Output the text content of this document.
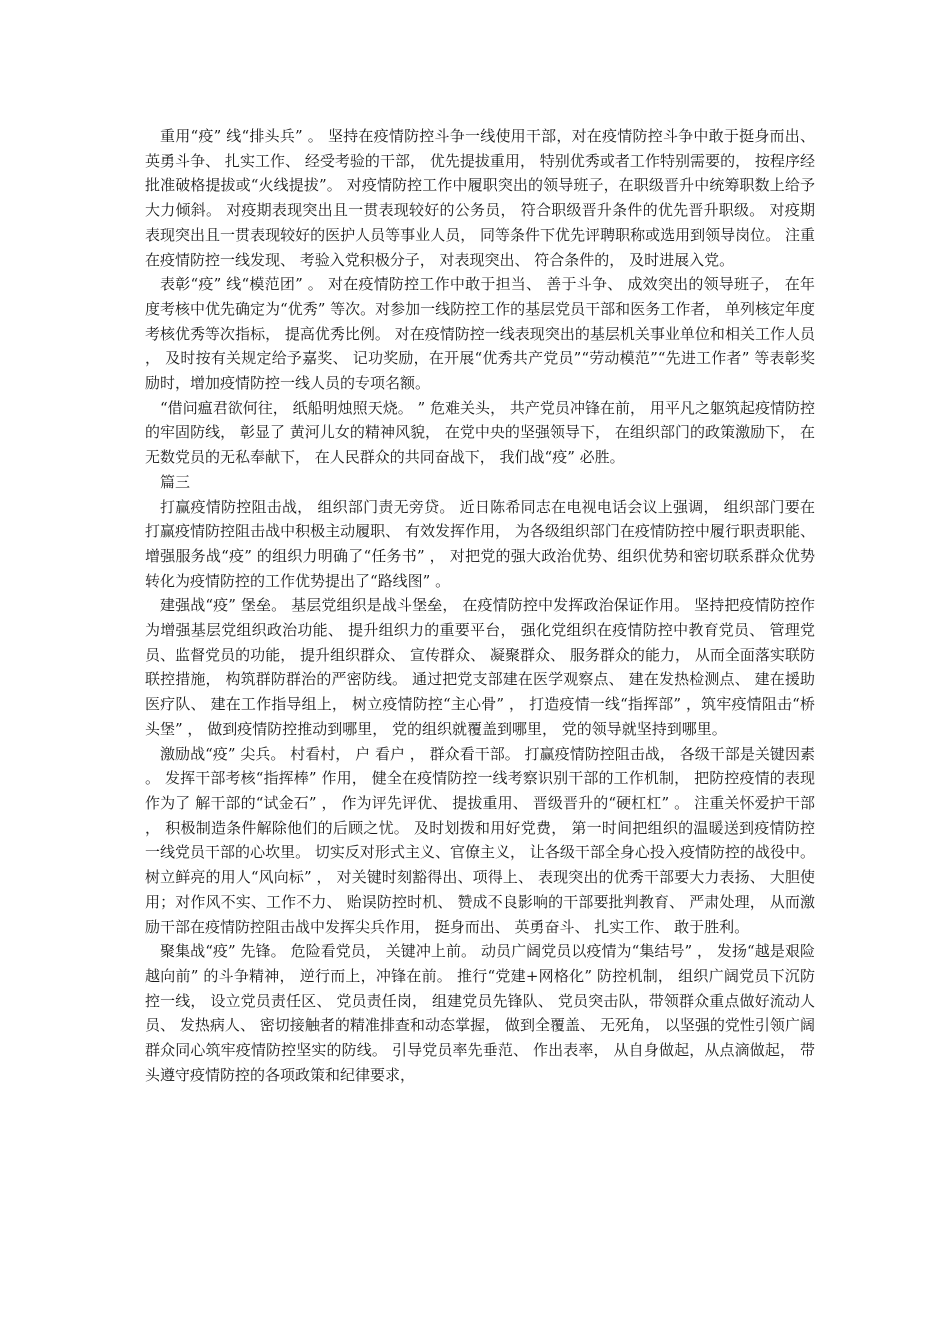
重用“疫” 线“排头兵” 。 坚持在疫情防控斗争一线使用干部，对在疫情防控斗争中敢于挺身而出、 英勇斗争、 扎实工作、 经受考验的干部， 优先提拔重用， 特别优秀或者工作特别需要的， 按程序经批准破格提拔或“火线提拔”。 对疫情防控工作中履职突出的领导班子，在职级晋升中统筹职数上给予大力倾斜。 对疫期表现突出且一贯表现较好的公务员， 符合职级晋升条件的优先晋升职级。 对疫期表现突出且一贯表现较好的医护人员等事业人员， 同等条件下优先评聘职称或选用到领导岗位。 注重在疫情防控一线发现、 考验入党积极分子， 对表现突出、 符合条件的， 及时进展入党。

表彰“疫” 线“模范团” 。 对在疫情防控工作中敢于担当、 善于斗争、 成效突出的领导班子， 在年度考核中优先确定为“优秀” 等次。对参加一线防控工作的基层党员干部和医务工作者， 单列核定年度考核优秀等次指标， 提高优秀比例。 对在疫情防控一线表现突出的基层机关事业单位和相关工作人员， 及时按有关规定给予嘉奖、 记功奖励，在开展“优秀共产党员”“劳动模范”“先进工作者” 等表彰奖励时，增加疫情防控一线人员的专项名额。

“借问瘟君欲何往， 纸船明烛照天烧。 ” 危难关头， 共产党员冲锋在前， 用平凡之躯筑起疫情防控的牢固防线， 彰显了 黄河儿女的精神风貌， 在党中央的坚强领导下， 在组织部门的政策激励下， 在无数党员的无私奉献下， 在人民群众的共同奋战下， 我们战“疫” 必胜。

篇三

打赢疫情防控阻击战， 组织部门责无旁贷。 近日陈希同志在电视电话会议上强调， 组织部门要在打赢疫情防控阻击战中积极主动履职、 有效发挥作用， 为各级组织部门在疫情防控中履行职责职能、 增强服务战“疫” 的组织力明确了“任务书” ， 对把党的强大政治优势、组织优势和密切联系群众优势转化为疫情防控的工作优势提出了“路线图” 。

建强战“疫” 堡垒。 基层党组织是战斗堡垒， 在疫情防控中发挥政治保证作用。 坚持把疫情防控作为增强基层党组织政治功能、 提升组织力的重要平台， 强化党组织在疫情防控中教育党员、 管理党员、监督党员的功能， 提升组织群众、 宣传群众、 凝聚群众、 服务群众的能力， 从而全面落实联防联控措施， 构筑群防群治的严密防线。 通过把党支部建在医学观察点、 建在发热检测点、 建在援助医疗队、 建在工作指导组上， 树立疫情防控“主心骨” ， 打造疫情一线“指挥部” ，筑牢疫情阻击“桥头堡” ， 做到疫情防控推动到哪里， 党的组织就覆盖到哪里， 党的领导就坚持到哪里。

激励战“疫” 尖兵。 村看村， 户 看户 ， 群众看干部。 打赢疫情防控阻击战， 各级干部是关键因素。 发挥干部考核“指挥棒” 作用， 健全在疫情防控一线考察识别干部的工作机制， 把防控疫情的表现作为了 解干部的“试金石” ， 作为评先评优、 提拔重用、 晋级晋升的“硬杠杠” 。 注重关怀爱护干部， 积极制造条件解除他们的后顾之忧。 及时划拨和用好党费， 第一时间把组织的温暖送到疫情防控一线党员干部的心坎里。 切实反对形式主义、官僚主义， 让各级干部全身心投入疫情防控的战役中。 树立鲜亮的用人“风向标” ， 对关键时刻豁得出、项得上、 表现突出的优秀干部要大力表扬、 大胆使用；对作风不实、工作不力、 贻误防控时机、 赞成不良影响的干部要批判教育、 严肃处理， 从而激励干部在疫情防控阻击战中发挥尖兵作用， 挺身而出、 英勇奋斗、 扎实工作、 敢于胜利。

聚集战“疫” 先锋。 危险看党员， 关键冲上前。 动员广阔党员以疫情为“集结号” ， 发扬“越是艰险越向前” 的斗争精神， 逆行而上，冲锋在前。 推行“党建+网格化” 防控机制， 组织广阔党员下沉防控一线， 设立党员责任区、 党员责任岗， 组建党员先锋队、 党员突击队，带领群众重点做好流动人员、 发热病人、 密切接触者的精准排查和动态掌握， 做到全覆盖、 无死角， 以坚强的党性引领广阔群众同心筑牢疫情防控坚实的防线。 引导党员率先垂范、 作出表率， 从自身做起，从点滴做起， 带头遵守疫情防控的各项政策和纪律要求，
